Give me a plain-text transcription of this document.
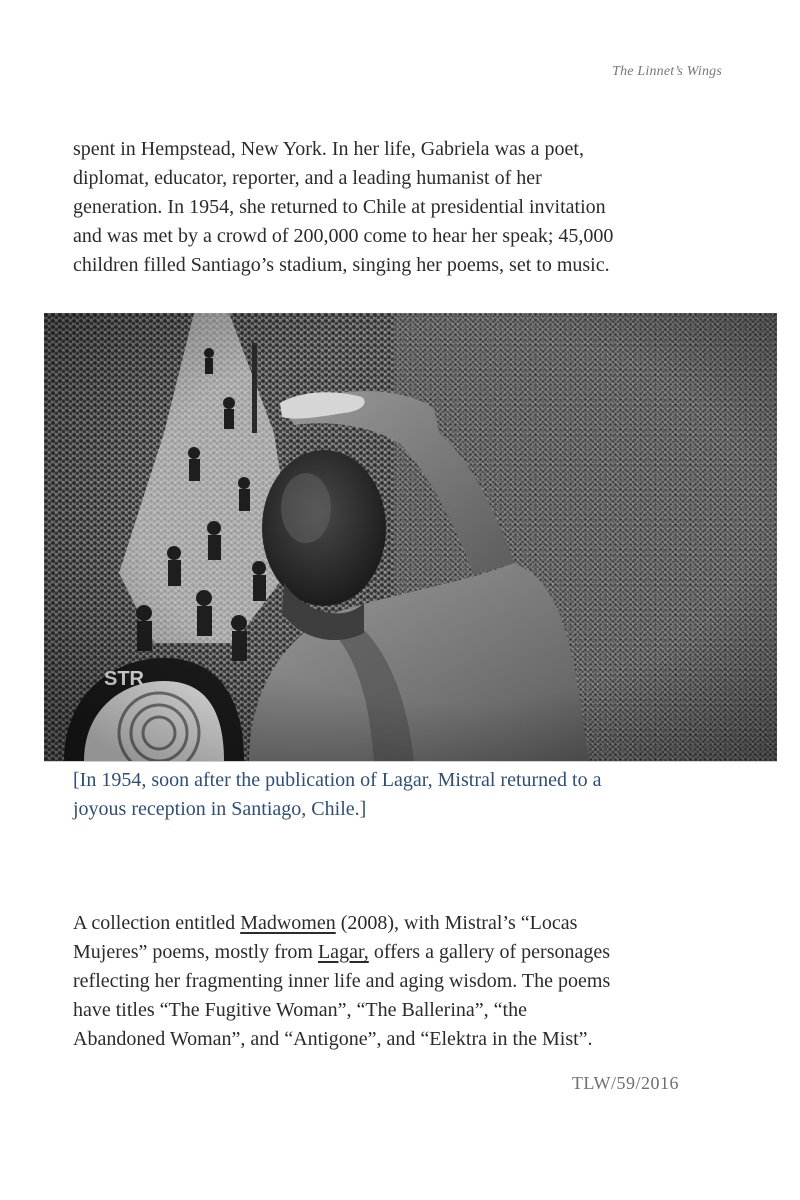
The Linnet’s Wings
spent in Hempstead, New York. In her life, Gabriela was a poet,
diplomat, educator, reporter, and a leading humanist of her
generation. In 1954, she returned to Chile at presidential invitation
and was met by a crowd of 200,000 come to hear her speak; 45,000
children filled Santiago’s stadium, singing her poems, set to music.
[In 1954, soon after the publication of Lagar, Mistral returned to a
joyous reception in Santiago, Chile.]
A collection entitled Madwomen (2008), with Mistral’s “Locas
Mujeres” poems, mostly from Lagar, offers a gallery of personages
reflecting her fragmenting inner life and aging wisdom. The poems
have titles “The Fugitive Woman”, “The Ballerina”, “the
Abandoned Woman”, and “Antigone”, and “Elektra in the Mist”.
TLW/59/2016
